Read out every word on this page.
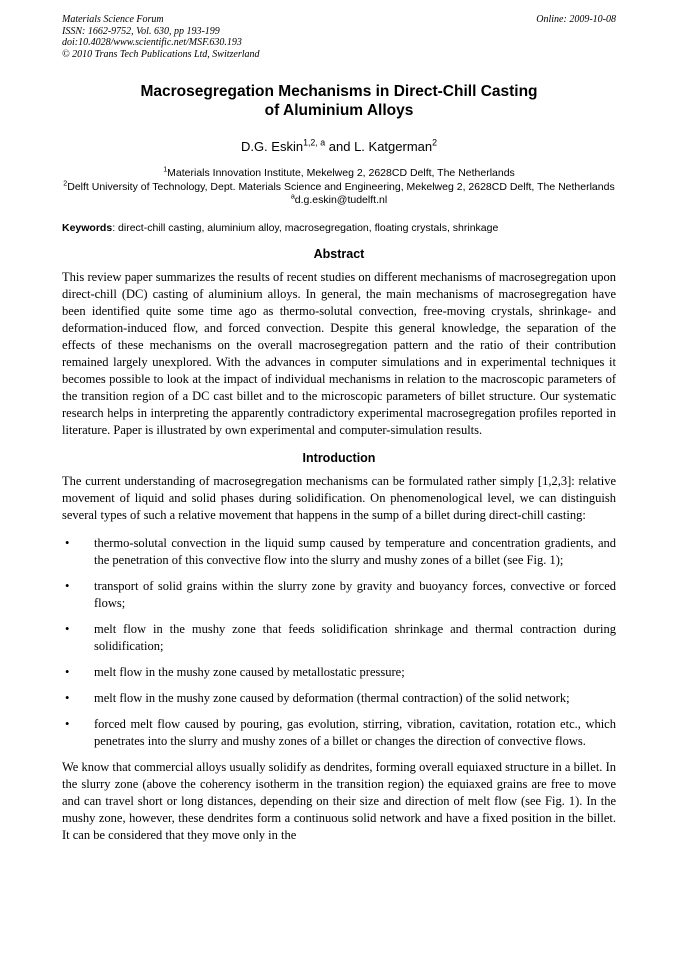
Materials Science Forum
ISSN: 1662-9752, Vol. 630, pp 193-199
doi:10.4028/www.scientific.net/MSF.630.193
© 2010 Trans Tech Publications Ltd, Switzerland
Online: 2009-10-08
Macrosegregation Mechanisms in Direct-Chill Casting
of Aluminium Alloys
D.G. Eskin$^{1,2, a}$ and L. Katgerman$^2$
$^1$Materials Innovation Institute, Mekelweg 2, 2628CD Delft, The Netherlands
$^2$Delft University of Technology, Dept. Materials Science and Engineering, Mekelweg 2, 2628CD Delft, The Netherlands
$^a$d.g.eskin@tudelft.nl
Keywords: direct-chill casting, aluminium alloy, macrosegregation, floating crystals, shrinkage
Abstract

This review paper summarizes the results of recent studies on different mechanisms of macrosegregation upon direct-chill (DC) casting of aluminium alloys. In general, the main mechanisms of macrosegregation have been identified quite some time ago as thermo-solutal convection, free-moving crystals, shrinkage- and deformation-induced flow, and forced convection. Despite this general knowledge, the separation of the effects of these mechanisms on the overall macrosegregation pattern and the ratio of their contribution remained largely unexplored. With the advances in computer simulations and in experimental techniques it becomes possible to look at the impact of individual mechanisms in relation to the macroscopic parameters of the transition region of a DC cast billet and to the microscopic parameters of billet structure. Our systematic research helps in interpreting the apparently contradictory experimental macrosegregation profiles reported in literature. Paper is illustrated by own experimental and computer-simulation results.

Introduction

The current understanding of macrosegregation mechanisms can be formulated rather simply [1,2,3]: relative movement of liquid and solid phases during solidification. On phenomenological level, we can distinguish several types of such a relative movement that happens in the sump of a billet during direct-chill casting:

• thermo-solutal convection in the liquid sump caused by temperature and concentration gradients, and the penetration of this convective flow into the slurry and mushy zones of a billet (see Fig. 1);
• transport of solid grains within the slurry zone by gravity and buoyancy forces, convective or forced flows;
• melt flow in the mushy zone that feeds solidification shrinkage and thermal contraction during solidification;
• melt flow in the mushy zone caused by metallostatic pressure;
• melt flow in the mushy zone caused by deformation (thermal contraction) of the solid network;
• forced melt flow caused by pouring, gas evolution, stirring, vibration, cavitation, rotation etc., which penetrates into the slurry and mushy zones of a billet or changes the direction of convective flows.

We know that commercial alloys usually solidify as dendrites, forming overall equiaxed structure in a billet. In the slurry zone (above the coherency isotherm in the transition region) the equiaxed grains are free to move and can travel short or long distances, depending on their size and direction of melt flow (see Fig. 1). In the mushy zone, however, these dendrites form a continuous solid network and have a fixed position in the billet. It can be considered that they move only in the
